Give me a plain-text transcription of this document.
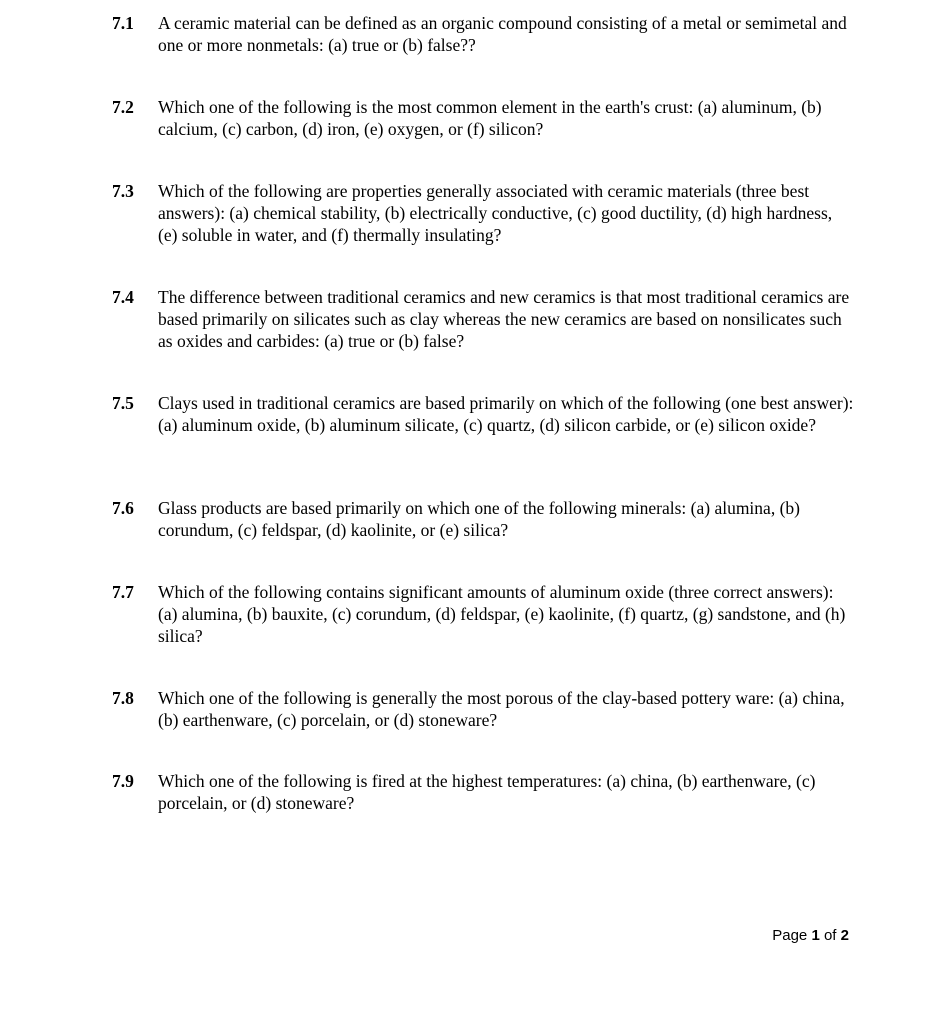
7.1	A ceramic material can be defined as an organic compound consisting of a metal or semimetal and one or more nonmetals: (a) true or (b) false??
7.2	Which one of the following is the most common element in the earth's crust: (a) aluminum, (b) calcium, (c) carbon, (d) iron, (e) oxygen, or (f) silicon?
7.3	Which of the following are properties generally associated with ceramic materials (three best answers): (a) chemical stability, (b) electrically conductive, (c) good ductility, (d) high hardness, (e) soluble in water, and (f) thermally insulating?
7.4	The difference between traditional ceramics and new ceramics is that most traditional ceramics are based primarily on silicates such as clay whereas the new ceramics are based on nonsilicates such as oxides and carbides: (a) true or (b) false?
7.5	Clays used in traditional ceramics are based primarily on which of the following (one best answer): (a) aluminum oxide, (b) aluminum silicate, (c) quartz, (d) silicon carbide, or (e) silicon oxide?
7.6	Glass products are based primarily on which one of the following minerals: (a) alumina, (b) corundum, (c) feldspar, (d) kaolinite, or (e) silica?
7.7	Which of the following contains significant amounts of aluminum oxide (three correct answers): (a) alumina, (b) bauxite, (c) corundum, (d) feldspar, (e) kaolinite, (f) quartz, (g) sandstone, and (h) silica?
7.8	Which one of the following is generally the most porous of the clay-based pottery ware: (a) china, (b) earthenware, (c) porcelain, or (d) stoneware?
7.9	Which one of the following is fired at the highest temperatures: (a) china, (b) earthenware, (c) porcelain, or (d) stoneware?
Page 1 of 2
